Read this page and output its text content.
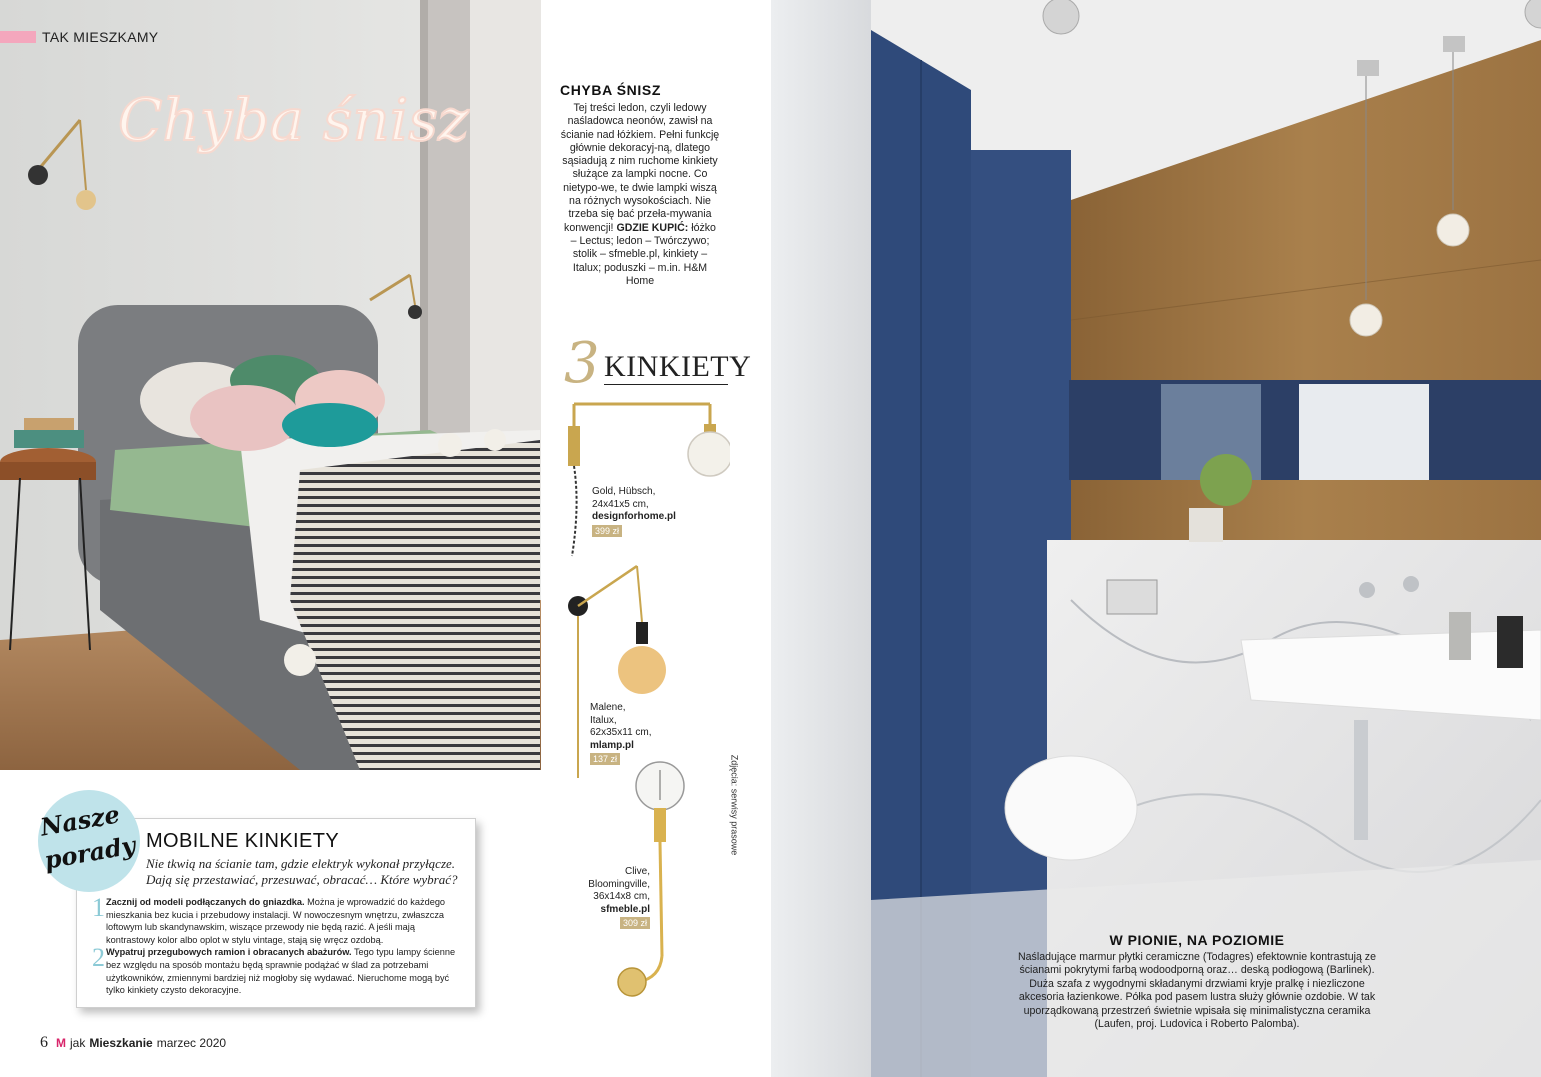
Chyba śnisz
TAK MIESZKAMY
CHYBA ŚNISZ
Tej treści ledon, czyli ledowy naśladowca neonów, zawisł na ścianie nad łóżkiem. Pełni funkcję głównie dekoracyj-ną, dlatego sąsiadują z nim ruchome kinkiety służące za lampki nocne. Co nietypo-we, te dwie lampki wiszą na różnych wysokościach. Nie trzeba się bać przeła-mywania konwencji! GDZIE KUPIĆ: łóżko – Lectus; ledon – Twórczywo; stolik – sfmeble.pl, kinkiety – Italux; poduszki – m.in. H&M Home
3 KINKIETY
Gold, Hübsch,
24x41x5 cm,
designforhome.pl
399 zł
Malene,
Italux,
62x35x11 cm,
mlamp.pl
137 zł
Clive,
Bloomingville,
36x14x8 cm,
sfmeble.pl
309 zł
Zdjęcia: serwisy prasowe
Nasze
porady MOBILNE KINKIETY
Nie tkwią na ścianie tam, gdzie elektryk wykonał przyłącze. Dają się przestawiać, przesuwać, obracać… Które wybrać?
1 Zacznij od modeli podłączanych do gniazdka. Można je wprowadzić do każdego mieszkania bez kucia i przebudowy instalacji. W nowoczesnym wnętrzu, zwłaszcza loftowym lub skandynawskim, wiszące przewody nie będą razić. A jeśli mają kontrastowy kolor albo oplot w stylu vintage, stają się wręcz ozdobą.
2 Wypatruj przegubowych ramion i obracanych abażurów. Tego typu lampy ścienne bez względu na sposób montażu będą sprawnie podążać w ślad za potrzebami użytkowników, zmiennymi bardziej niż mogłoby się wydawać. Nieruchome mogą być tylko kinkiety czysto dekoracyjne.
6 M jak Mieszkanie marzec 2020
W PIONIE, NA POZIOMIE
Naśladujące marmur płytki ceramiczne (Todagres) efektownie kontrastują ze ścianami pokrytymi farbą wodoodporną oraz… deską podłogową (Barlinek). Duża szafa z wygodnymi składanymi drzwiami kryje pralkę i niezliczone akcesoria łazienkowe. Półka pod pasem lustra służy głównie ozdobie. W tak uporządkowaną przestrzeń świetnie wpisała się minimalistyczna ceramika (Laufen, proj. Ludovica i Roberto Palomba).
